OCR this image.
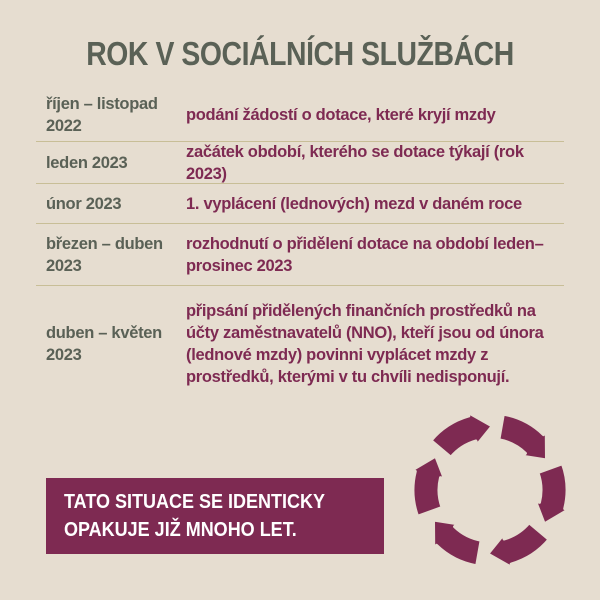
ROK V SOCIÁLNÍCH SLUŽBÁCH
říjen – listopad 2022
podání žádostí o dotace, které kryjí mzdy
leden 2023
začátek období, kterého se dotace týkají (rok 2023)
únor 2023	1. vyplácení (lednových) mezd v daném roce
březen – duben 2023
rozhodnutí o přidělení dotace na období leden–prosinec 2023
duben – květen 2023
připsání přidělených finančních prostředků na účty zaměstnavatelů (NNO), kteří jsou od února (lednové mzdy) povinni vyplácet mzdy z prostředků, kterými v tu chvíli nedisponují.

TATO SITUACE SE IDENTICKY

OPAKUJE JIŽ MNOHO LET.
